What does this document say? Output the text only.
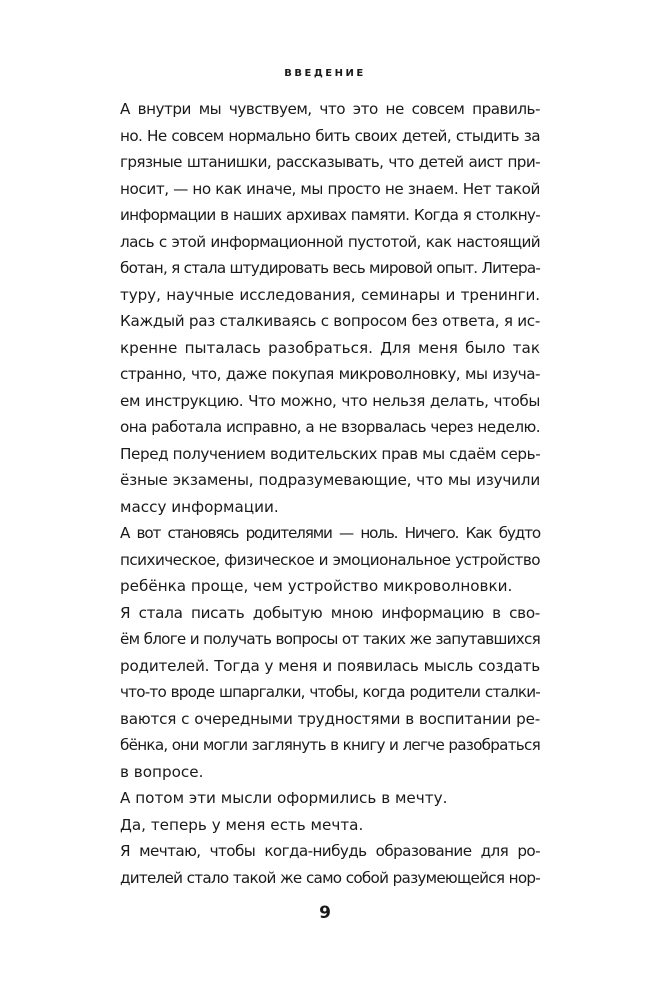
ВВЕДЕНИЕ

А внутри мы чувствуем, что это не совсем правиль-
но. Не совсем нормально бить своих детей, стыдить за
грязные штанишки, рассказывать, что детей аист при-
носит, — но как иначе, мы просто не знаем. Нет такой
информации в наших архивах памяти. Когда я столкну-
лась с этой информационной пустотой, как настоящий
ботан, я стала штудировать весь мировой опыт. Литера-
туру, научные исследования, семинары и тренинги.
Каждый раз сталкиваясь с вопросом без ответа, я ис-
кренне пыталась разобраться. Для меня было так
странно, что, даже покупая микроволновку, мы изуча-
ем инструкцию. Что можно, что нельзя делать, чтобы
она работала исправно, а не взорвалась через неделю.
Перед получением водительских прав мы сдаём серь-
ёзные экзамены, подразумевающие, что мы изучили
массу информации.

А вот становясь родителями — ноль. Ничего. Как будто
психическое, физическое и эмоциональное устройство
ребёнка проще, чем устройство микроволновки.

Я стала писать добытую мною информацию в сво-
ём блоге и получать вопросы от таких же запутавшихся
родителей. Тогда у меня и появилась мысль создать
что-то вроде шпаргалки, чтобы, когда родители сталки-
ваются с очередными трудностями в воспитании ре-
бёнка, они могли заглянуть в книгу и легче разобраться
в вопросе.

А потом эти мысли оформились в мечту.

Да, теперь у меня есть мечта.

Я мечтаю, чтобы когда-нибудь образование для ро-
дителей стало такой же само собой разумеющейся нор-

9
